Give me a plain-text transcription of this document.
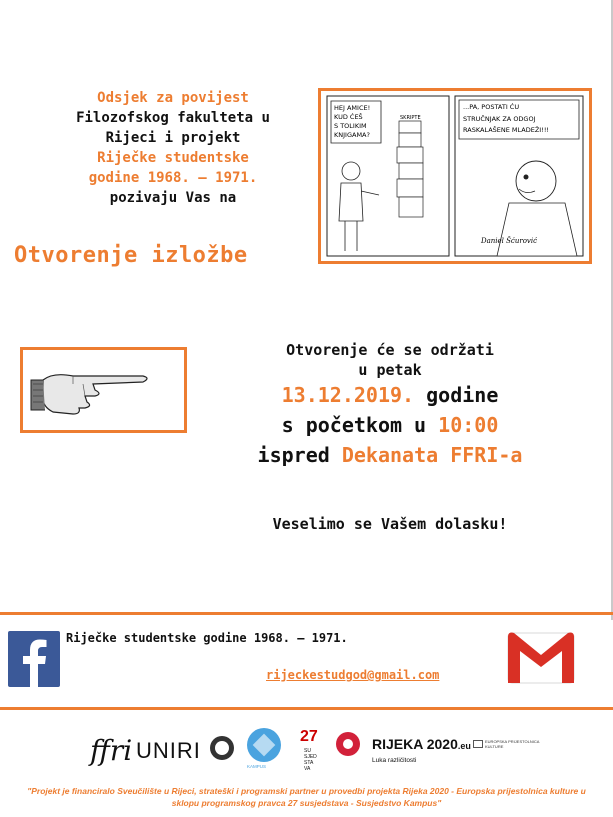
Odsjek za povijest
Filozofskog fakulteta u
Rijeci i projekt
Riječke studentske
godine 1968. – 1971.
pozivaju Vas na
Otvorenje izložbe
HEJ AMICE!
KUD ĆEŠ
S TOLIKIM
KNJIGAMA?
SKRIPTE
...PA, POSTATI ĆU
STRUČNJAK ZA ODGOJ
RASKALAŠENE MLADEŽI!!!
Daniel Šćurović
Otvorenje će se održati
u petak
13.12.2019. godine
s početkom u 10:00
ispred Dekanata FFRI-a
Veselimo se Vašem dolasku!
Riječke studentske godine 1968. – 1971.
rijeckestudgod@gmail.com
ffri UNIRI
KAMPUS
27
SU SJED STA VA
RIJEKA 2020.eu
Luka različitosti
EUROPSKA PRIJESTOLNICA KULTURE
"Projekt je financiralo Sveučilište u Rijeci, strateški i programski partner u provedbi projekta Rijeka 2020 - Europska prijestolnica kulture u sklopu programskog pravca 27 susjedstava - Susjedstvo Kampus"
